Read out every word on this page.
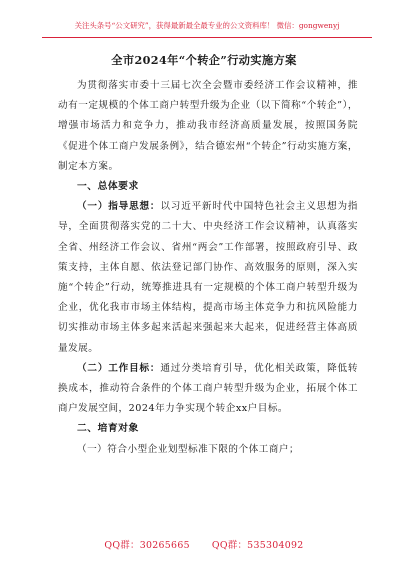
关注头条号“公文研究”，获得最新最全最专业的公文资料库！ 微信：gongwenyj
全市2024年“个转企”行动实施方案

为贯彻落实市委十三届七次全会暨市委经济工作会议精神，推动有一定规模的个体工商户转型升级为企业（以下简称“个转企”），增强市场活力和竞争力，推动我市经济高质量发展，按照国务院《促进个体工商户发展条例》，结合德宏州“个转企”行动实施方案，制定本方案。

一、总体要求

（一）指导思想：以习近平新时代中国特色社会主义思想为指导，全面贯彻落实党的二十大、中央经济工作会议精神，认真落实全省、州经济工作会议、省州“两会”工作部署，按照政府引导、政策支持，主体自愿、依法登记部门协作、高效服务的原则，深入实施“个转企”行动，统筹推进具有一定规模的个体工商户转型升级为企业，优化我市市场主体结构，提高市场主体竞争力和抗风险能力切实推动市场主体多起来活起来强起来大起来，促进经营主体高质量发展。

（二）工作目标：通过分类培育引导，优化相关政策，降低转换成本，推动符合条件的个体工商户转型升级为企业，拓展个体工商户发展空间，2024年力争实现个转企xx户目标。

二、培育对象

（一）符合小型企业划型标准下限的个体工商户；

QQ群：30265665 QQ群：535304092
